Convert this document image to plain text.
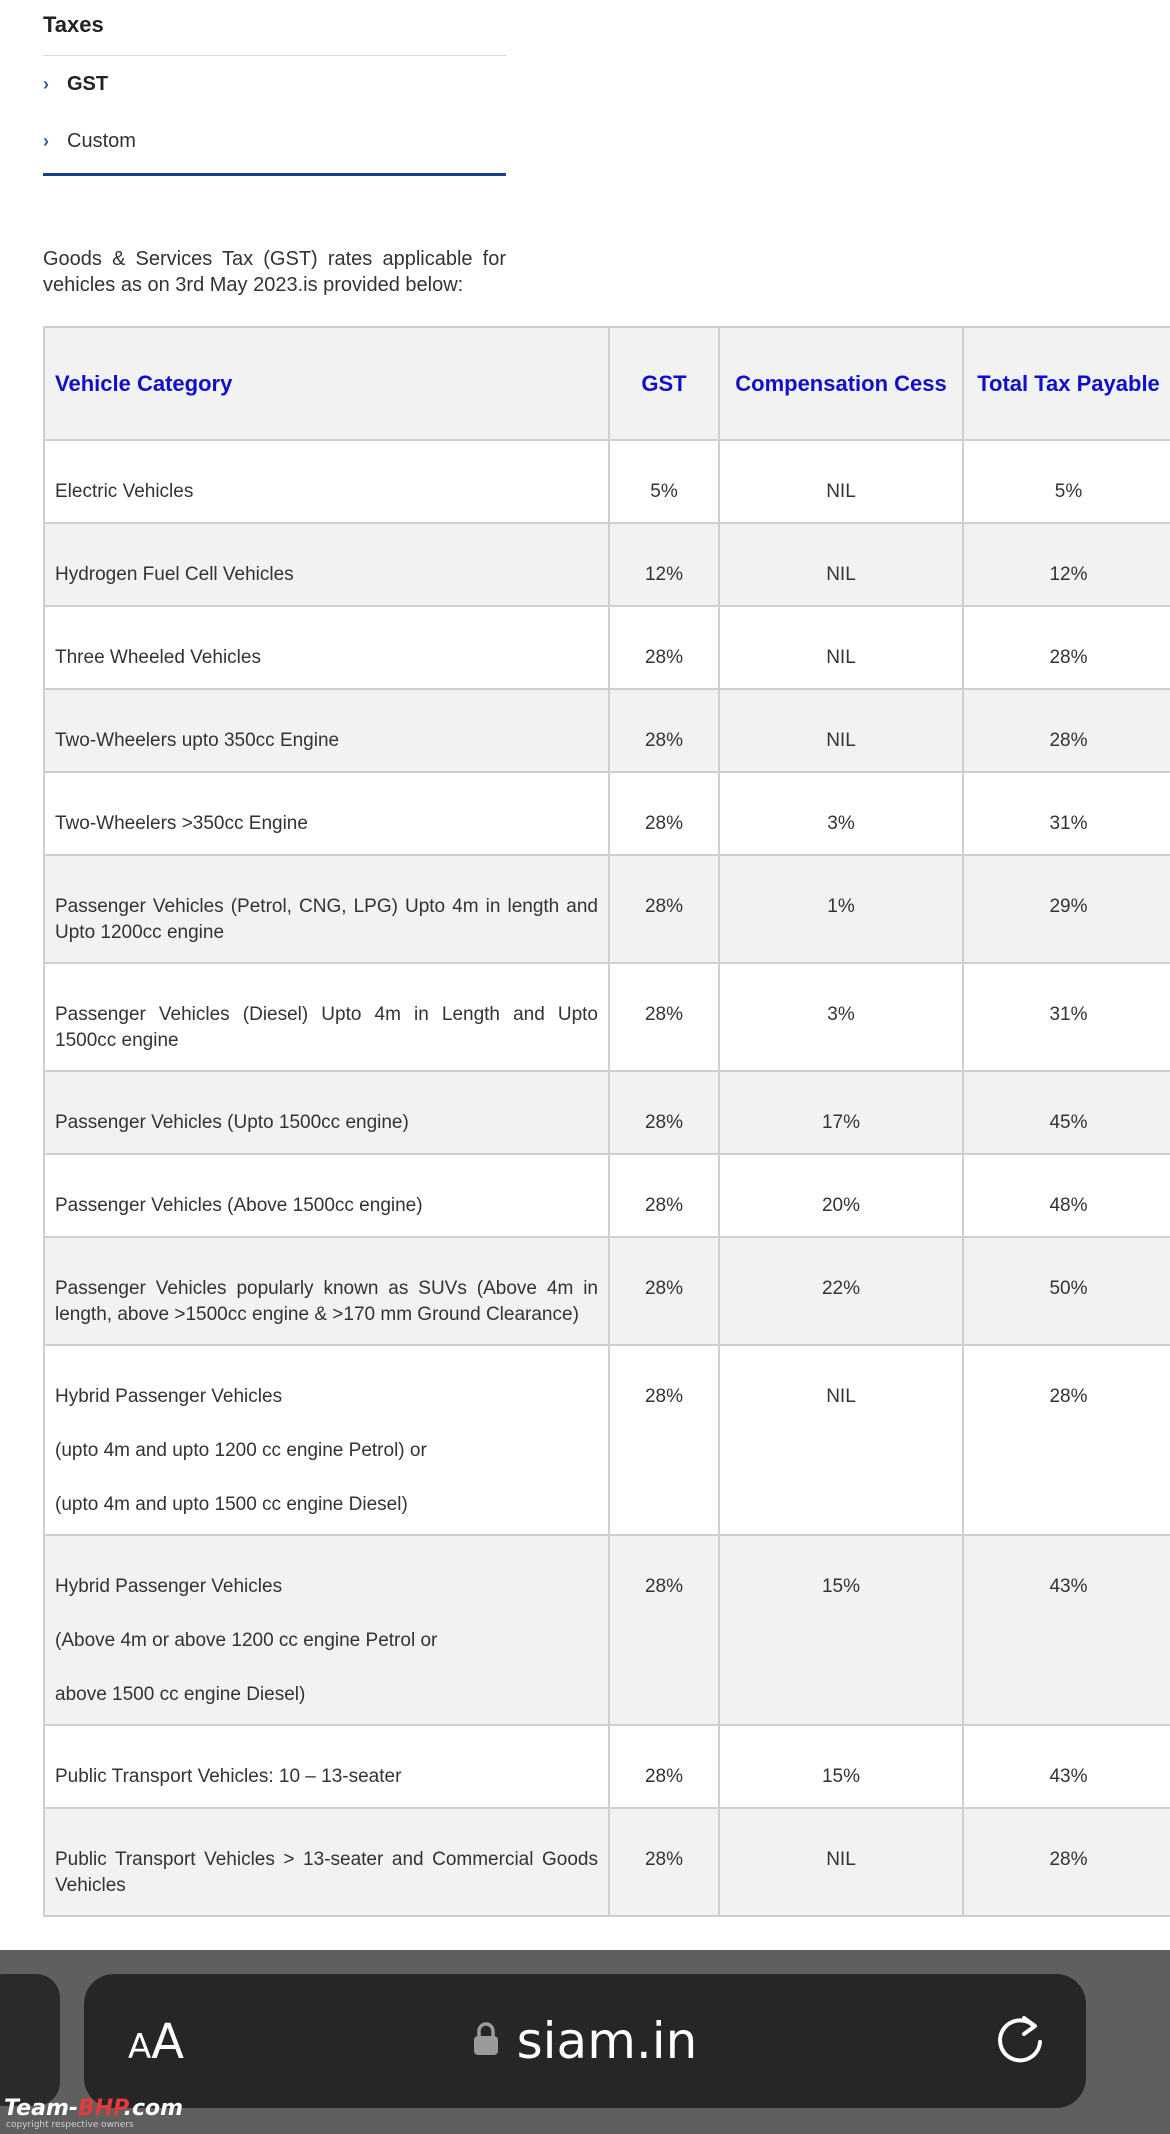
Taxes
› GST
› Custom

Goods & Services Tax (GST) rates applicable for vehicles as on 3rd May 2023.is provided below:

Vehicle Category	GST	Compensation Cess	Total Tax Payable
Electric Vehicles	5%	NIL	5%
Hydrogen Fuel Cell Vehicles	12%	NIL	12%
Three Wheeled Vehicles	28%	NIL	28%
Two-Wheelers upto 350cc Engine	28%	NIL	28%
Two-Wheelers >350cc Engine	28%	3%	31%
Passenger Vehicles (Petrol, CNG, LPG) Upto 4m in length and Upto 1200cc engine	28%	1%	29%
Passenger Vehicles (Diesel) Upto 4m in Length and Upto 1500cc engine	28%	3%	31%
Passenger Vehicles (Upto 1500cc engine)	28%	17%	45%
Passenger Vehicles (Above 1500cc engine)	28%	20%	48%
Passenger Vehicles popularly known as SUVs (Above 4m in length, above >1500cc engine & >170 mm Ground Clearance)	28%	22%	50%

Hybrid Passenger Vehicles
(upto 4m and upto 1200 cc engine Petrol) or
(upto 4m and upto 1500 cc engine Diesel)	28%	NIL	28%

Hybrid Passenger Vehicles
(Above 4m or above 1200 cc engine Petrol or
above 1500 cc engine Diesel)	28%	15%	43%
Public Transport Vehicles: 10 – 13-seater	28%	15%	43%
Public Transport Vehicles > 13-seater and Commercial Goods Vehicles	28%	NIL	28%
AA	siam.in
Team-BHP.com
copyright respective owners
